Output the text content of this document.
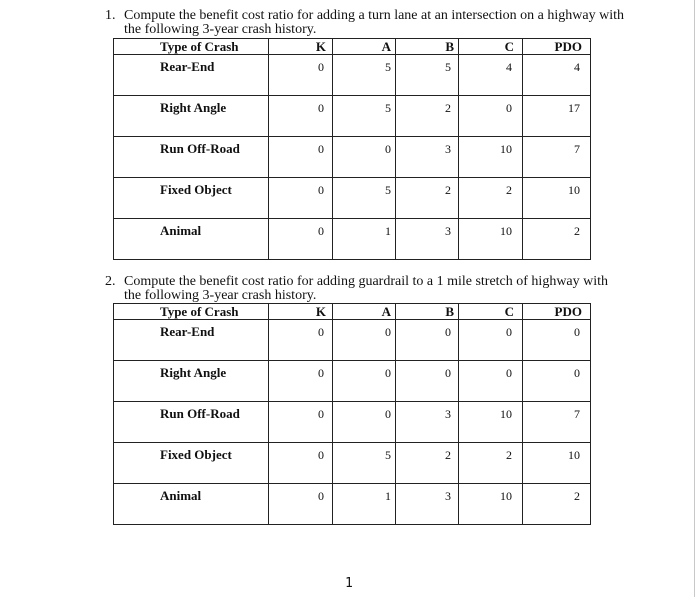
1. Compute the benefit cost ratio for adding a turn lane at an intersection on a highway with
the following 3-year crash history.
Type of Crash	K	A	B	C	PDO
Rear-End	0	5	5	4	4
Right Angle	0	5	2	0	17
Run Off-Road	0	0	3	10	7
Fixed Object	0	5	2	2	10
Animal	0	1	3	10	2
2. Compute the benefit cost ratio for adding guardrail to a 1 mile stretch of highway with
the following 3-year crash history.
Type of Crash	K	A	B	C	PDO
Rear-End	0	0	0	0	0
Right Angle	0	0	0	0	0
Run Off-Road	0	0	3	10	7
Fixed Object	0	5	2	2	10
Animal	0	1	3	10	2
1
